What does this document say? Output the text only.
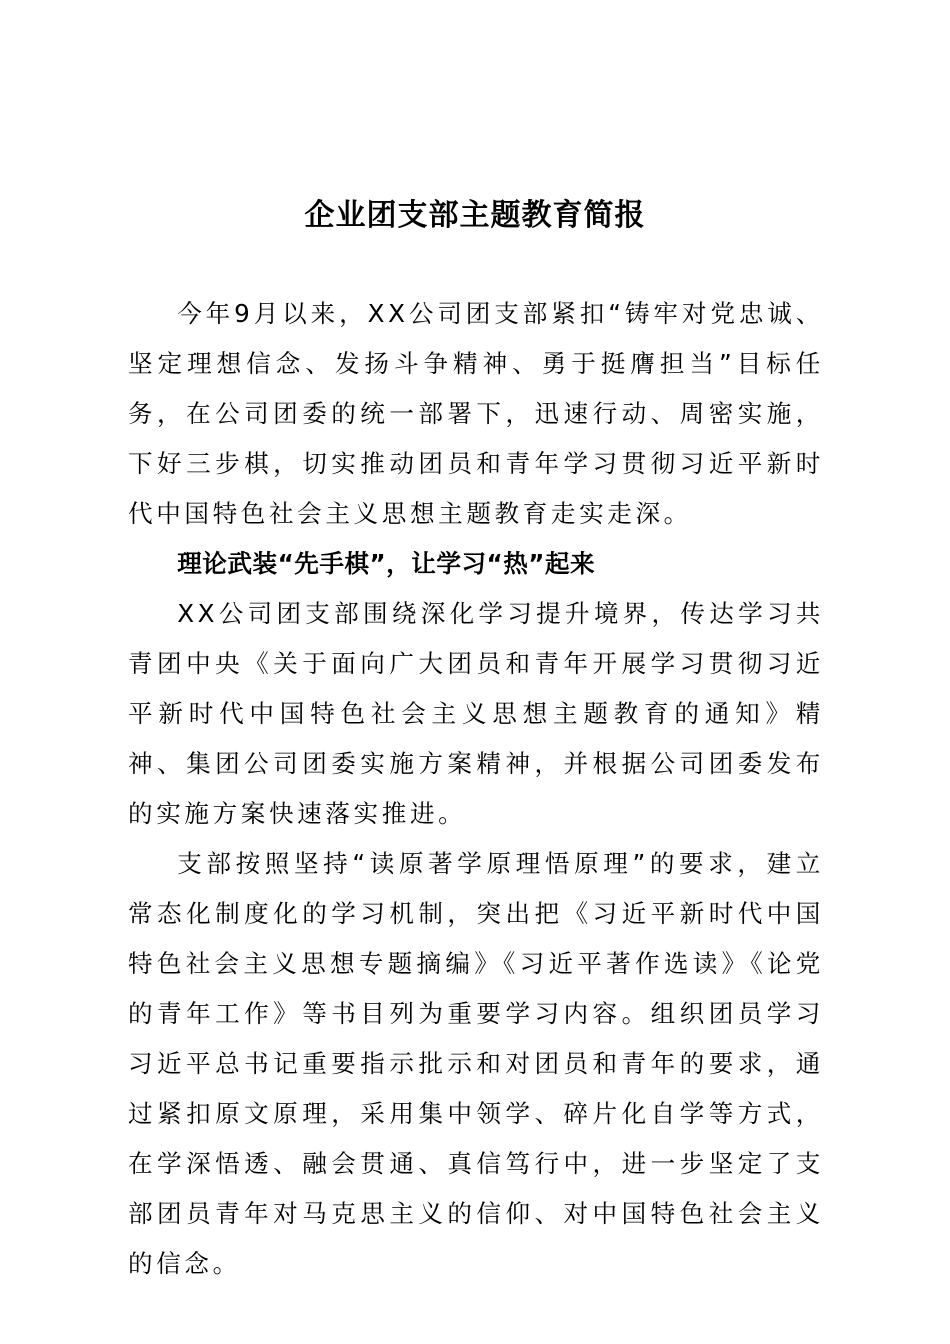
企业团支部主题教育简报

今年9月以来，XX公司团支部紧扣“铸牢对党忠诚、坚定理想信念、发扬斗争精神、勇于挺膺担当”目标任务，在公司团委的统一部署下，迅速行动、周密实施，下好三步棋，切实推动团员和青年学习贯彻习近平新时代中国特色社会主义思想主题教育走实走深。

理论武装“先手棋”，让学习“热”起来

XX公司团支部围绕深化学习提升境界，传达学习共青团中央《关于面向广大团员和青年开展学习贯彻习近平新时代中国特色社会主义思想主题教育的通知》精神、集团公司团委实施方案精神，并根据公司团委发布的实施方案快速落实推进。

支部按照坚持“读原著学原理悟原理”的要求，建立常态化制度化的学习机制，突出把《习近平新时代中国特色社会主义思想专题摘编》《习近平著作选读》《论党的青年工作》等书目列为重要学习内容。组织团员学习习近平总书记重要指示批示和对团员和青年的要求，通过紧扣原文原理，采用集中领学、碎片化自学等方式，在学深悟透、融会贯通、真信笃行中，进一步坚定了支部团员青年对马克思主义的信仰、对中国特色社会主义的信念。
